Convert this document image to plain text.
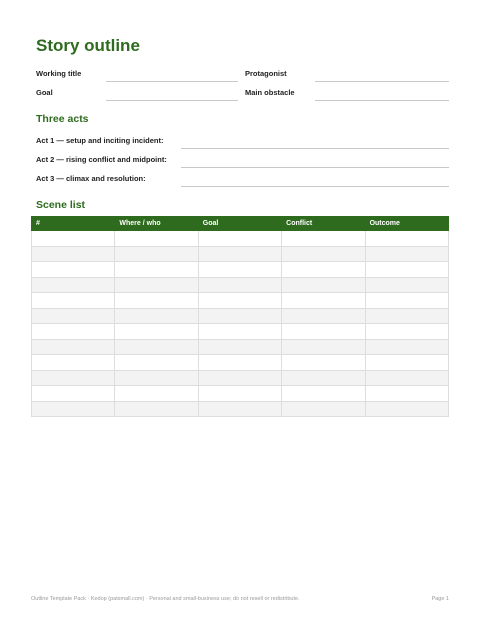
Story outline
Working title	Protagonist
Goal	Main obstacle
Three acts
Act 1 — setup and inciting incident:
Act 2 — rising conflict and midpoint:
Act 3 — climax and resolution:
Scene list
#	Where / who	Goal	Conflict	Outcome

Outline Template Pack · Kedop (patsmall.com) · Personal and small-business use; do not resell or redistribute.	Page 1
